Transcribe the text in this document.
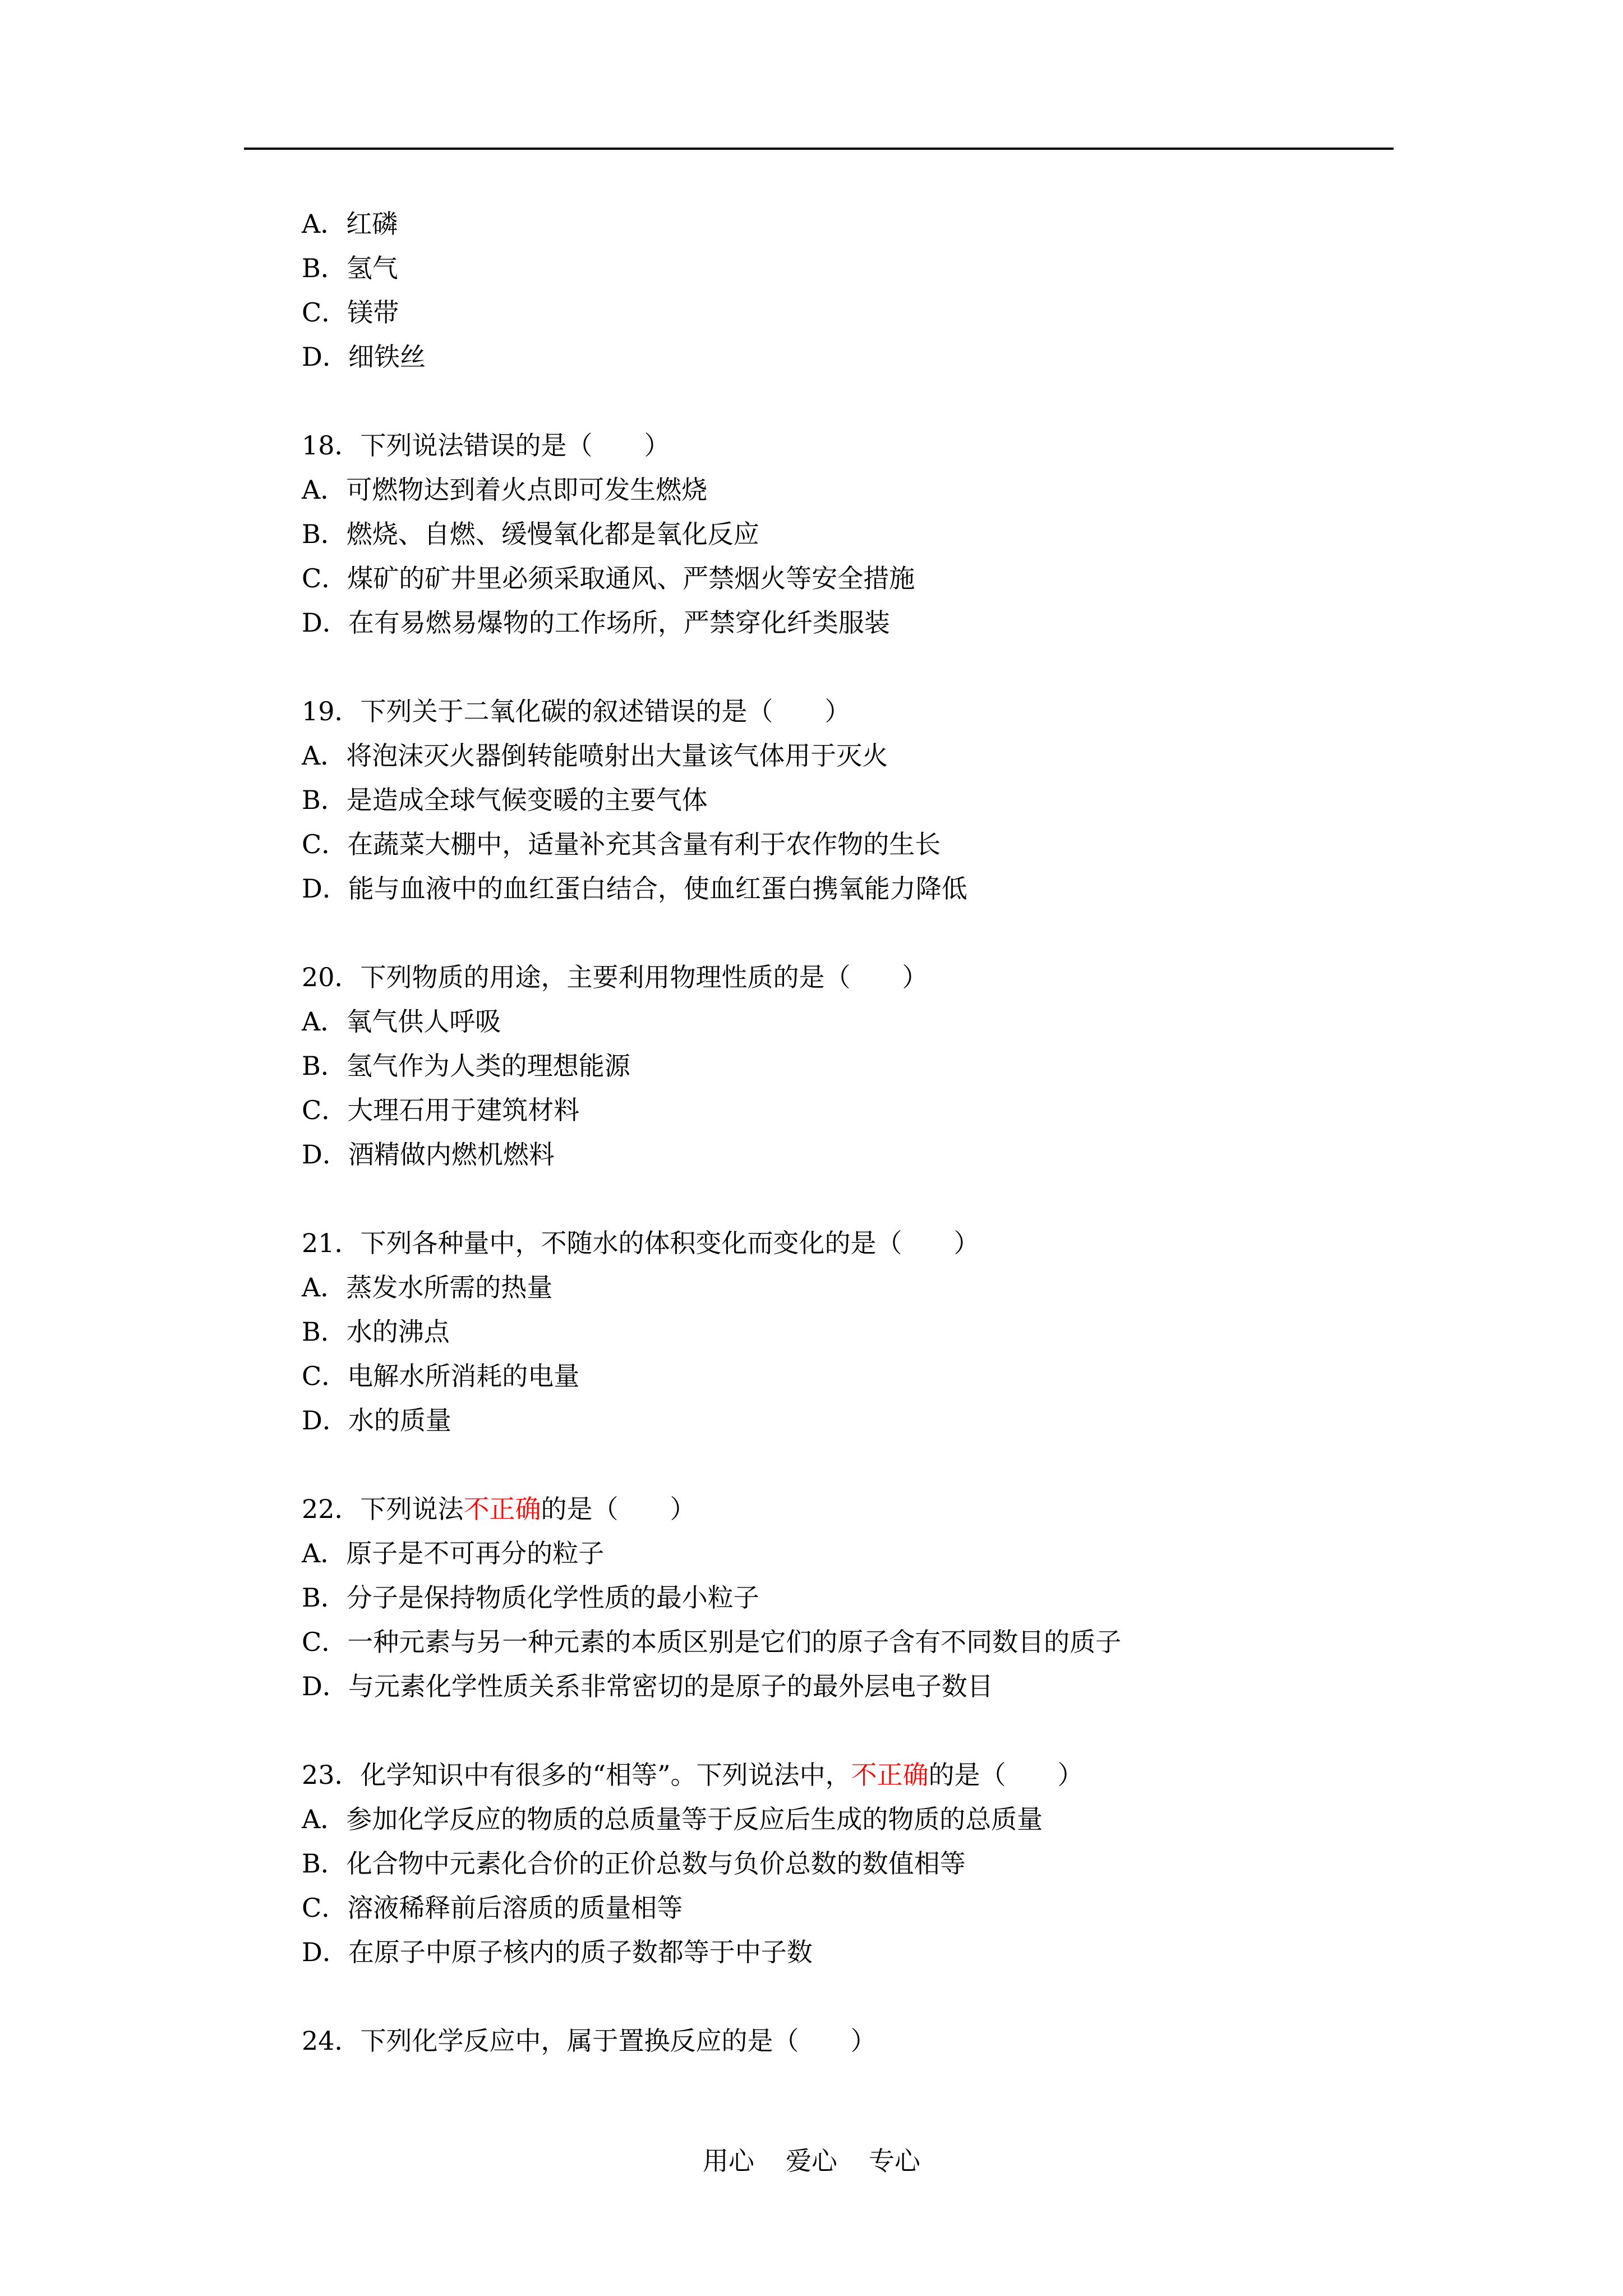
A．红磷
B．氢气
C．镁带
D．细铁丝
18．下列说法错误的是（　　）
A．可燃物达到着火点即可发生燃烧
B．燃烧、自燃、缓慢氧化都是氧化反应
C．煤矿的矿井里必须采取通风、严禁烟火等安全措施
D．在有易燃易爆物的工作场所，严禁穿化纤类服装
19．下列关于二氧化碳的叙述错误的是（　　）
A．将泡沫灭火器倒转能喷射出大量该气体用于灭火
B．是造成全球气候变暖的主要气体
C．在蔬菜大棚中，适量补充其含量有利于农作物的生长
D．能与血液中的血红蛋白结合，使血红蛋白携氧能力降低
20．下列物质的用途，主要利用物理性质的是（　　）
A．氧气供人呼吸
B．氢气作为人类的理想能源
C．大理石用于建筑材料
D．酒精做内燃机燃料
21．下列各种量中，不随水的体积变化而变化的是（　　）
A．蒸发水所需的热量
B．水的沸点
C．电解水所消耗的电量
D．水的质量
22．下列说法不正确的是（　　）
A．原子是不可再分的粒子
B．分子是保持物质化学性质的最小粒子
C．一种元素与另一种元素的本质区别是它们的原子含有不同数目的质子
D．与元素化学性质关系非常密切的是原子的最外层电子数目
23．化学知识中有很多的“相等”。下列说法中，不正确的是（　　）
A．参加化学反应的物质的总质量等于反应后生成的物质的总质量
B．化合物中元素化合价的正价总数与负价总数的数值相等
C．溶液稀释前后溶质的质量相等
D．在原子中原子核内的质子数都等于中子数
24．下列化学反应中，属于置换反应的是（　　）
用心 爱心 专心
